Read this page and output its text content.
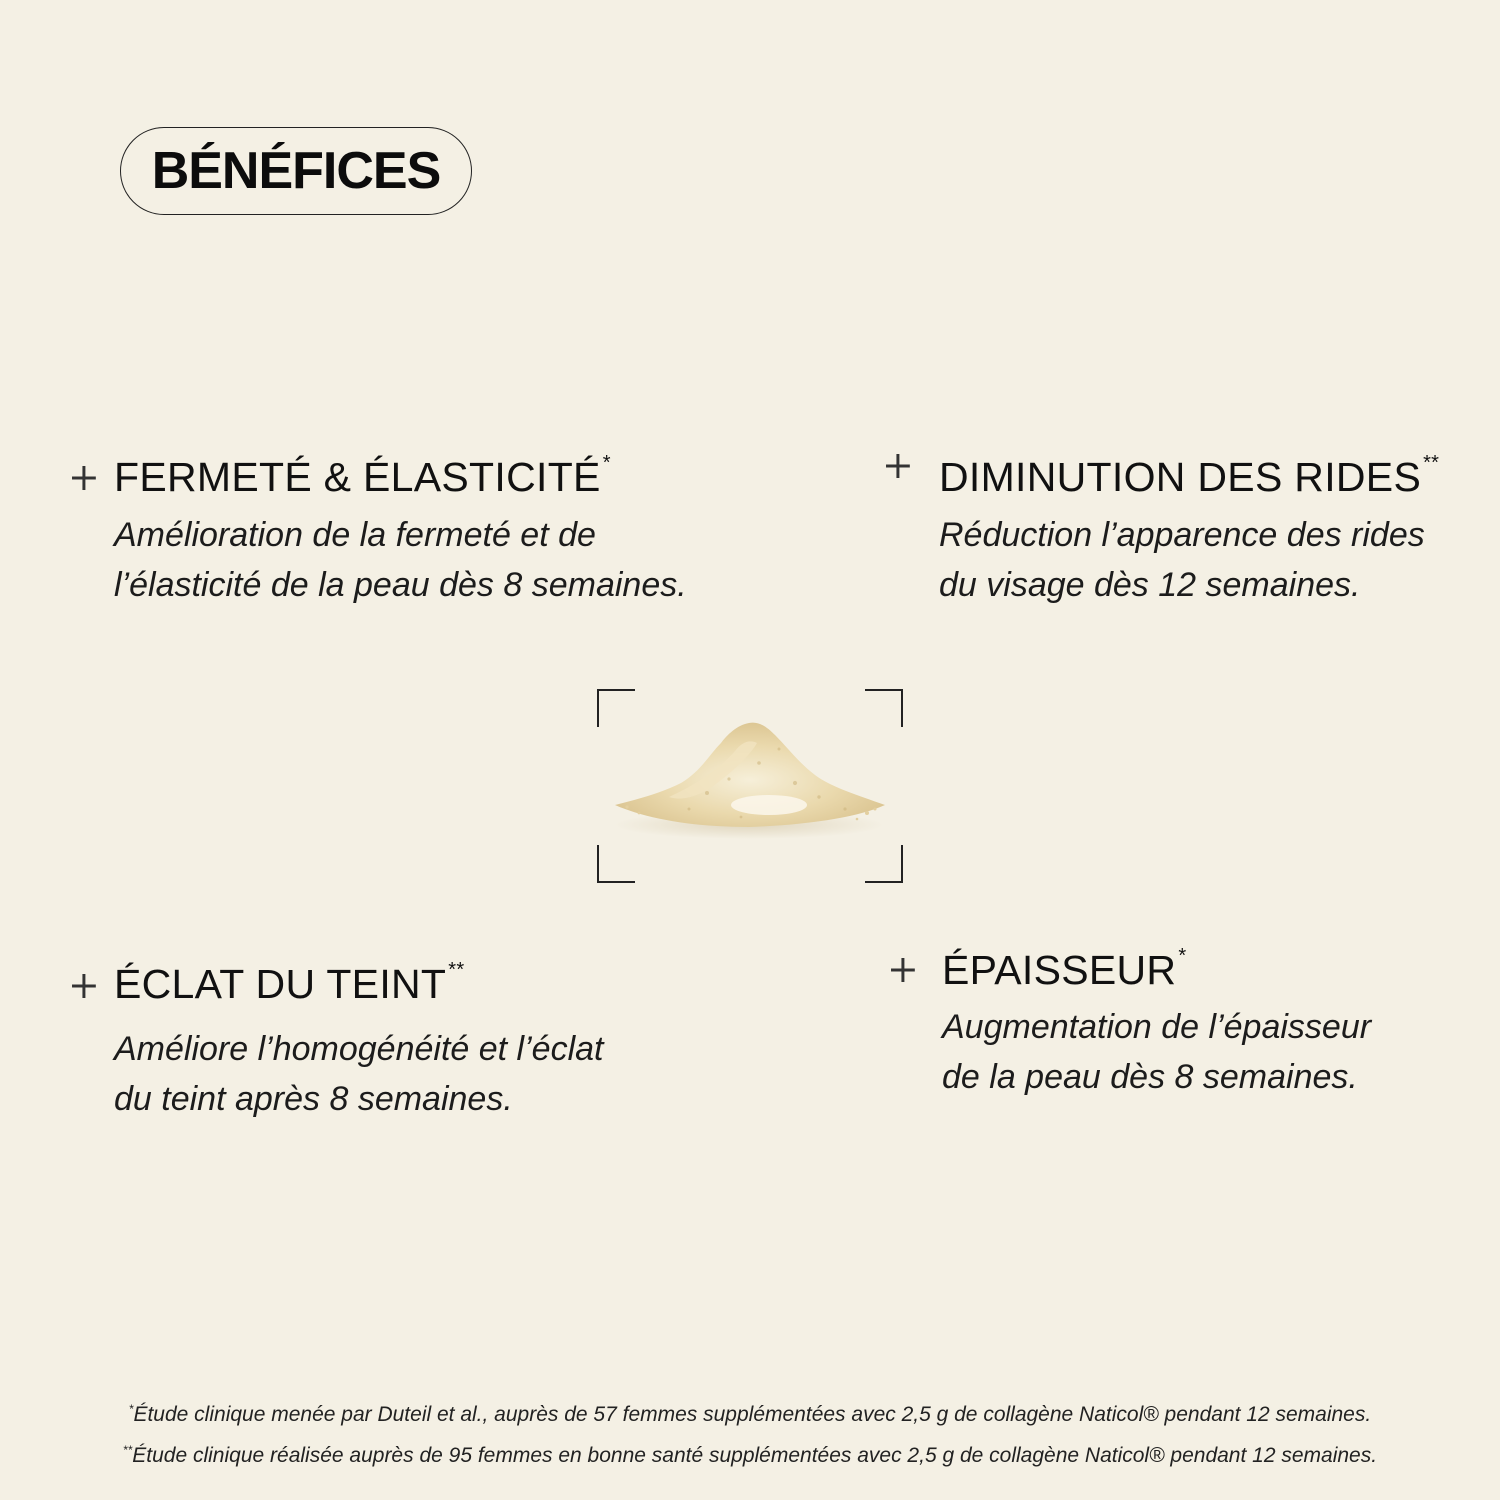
BÉNÉFICES
+ FERMETÉ & ÉLASTICITÉ *
Amélioration de la fermeté et de
l’élasticité de la peau dès 8 semaines.
+ DIMINUTION DES RIDES **
Réduction l’apparence des rides
du visage dès 12 semaines.
+ ÉCLAT DU TEINT **
Améliore l’homogénéité et l’éclat
du teint après 8 semaines.
+ ÉPAISSEUR *
Augmentation de l’épaisseur
de la peau dès 8 semaines.
*Étude clinique menée par Duteil et al., auprès de 57 femmes supplémentées avec 2,5 g de collagène Naticol® pendant 12 semaines.
**Étude clinique réalisée auprès de 95 femmes en bonne santé supplémentées avec 2,5 g de collagène Naticol® pendant 12 semaines.
